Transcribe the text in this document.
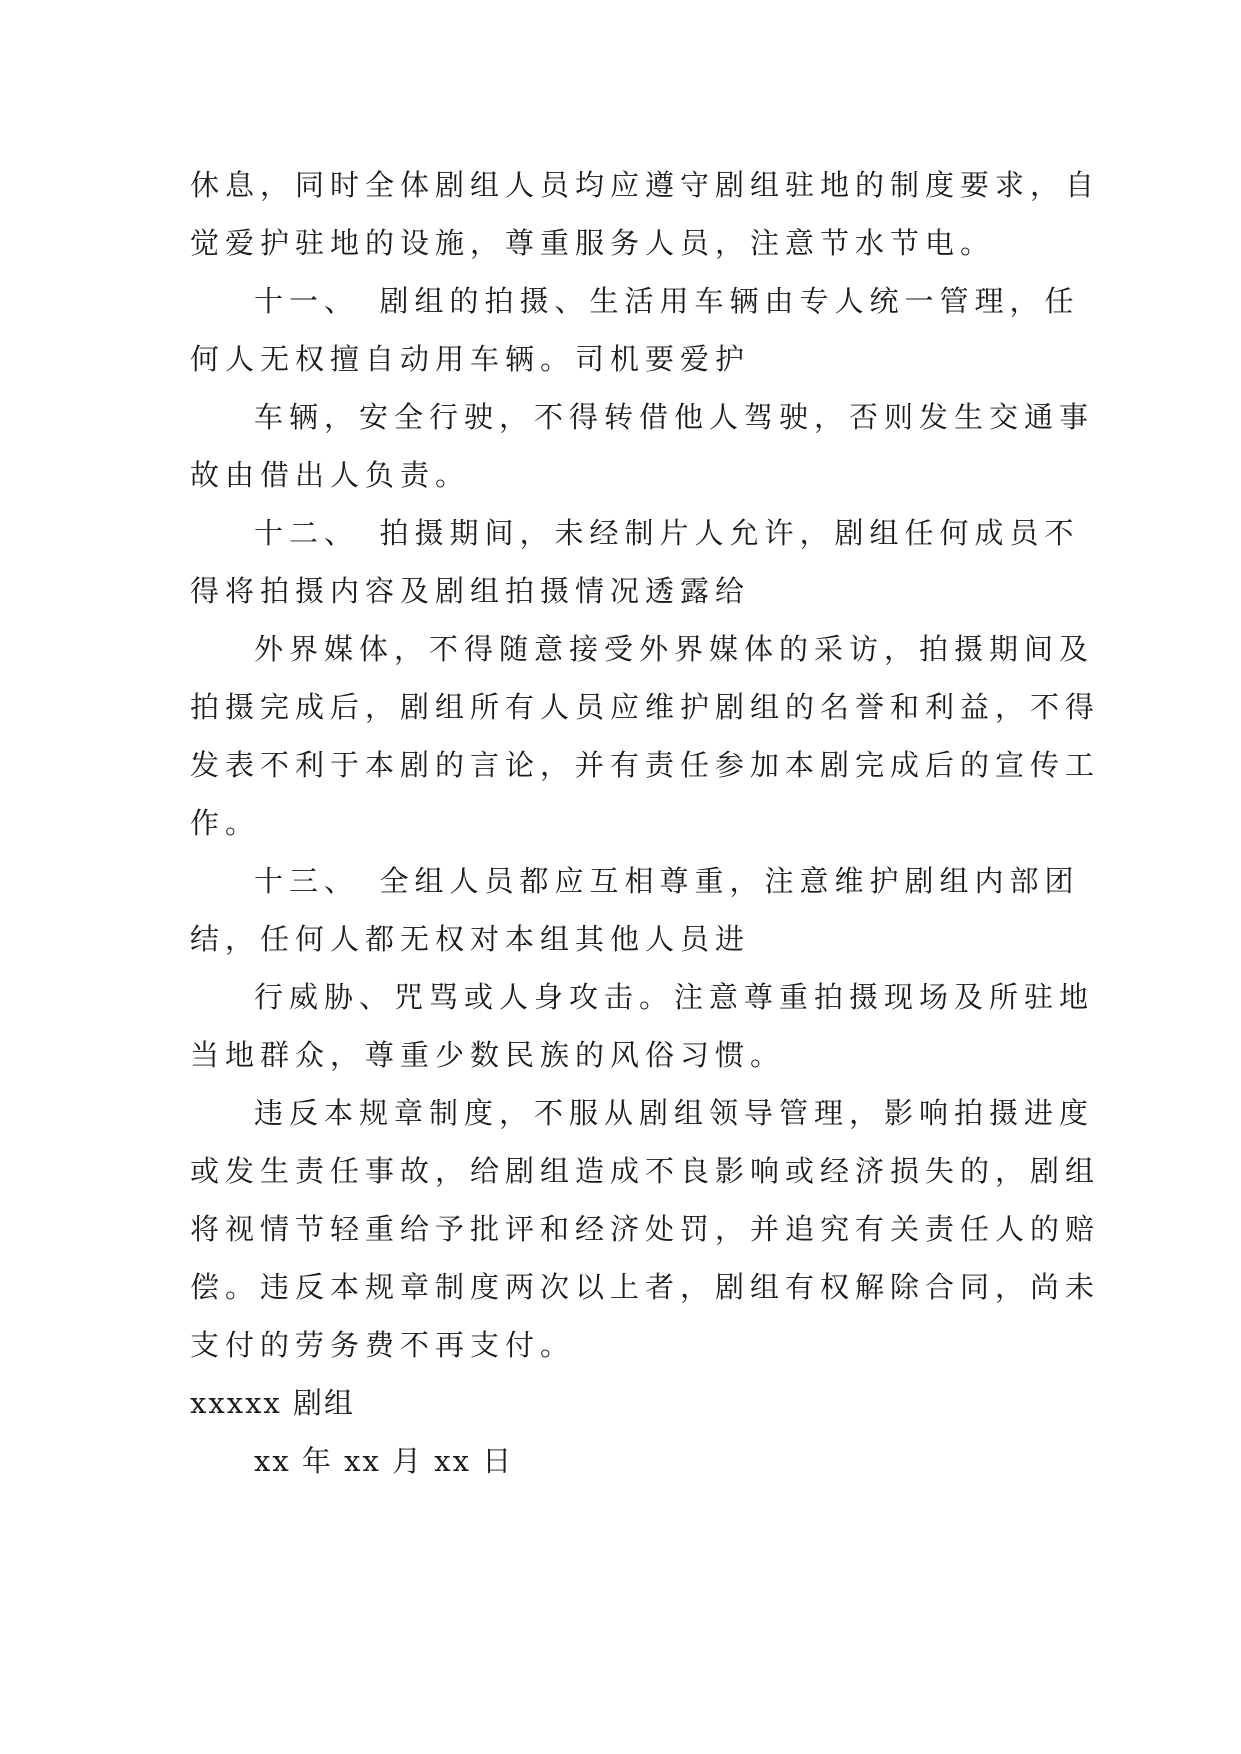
休息，同时全体剧组人员均应遵守剧组驻地的制度要求，自
觉爱护驻地的设施，尊重服务人员，注意节水节电。
十一、　剧组的拍摄、生活用车辆由专人统一管理，任
何人无权擅自动用车辆。司机要爱护
车辆，安全行驶，不得转借他人驾驶，否则发生交通事
故由借出人负责。
十二、　拍摄期间，未经制片人允许，剧组任何成员不
得将拍摄内容及剧组拍摄情况透露给
外界媒体，不得随意接受外界媒体的采访，拍摄期间及
拍摄完成后，剧组所有人员应维护剧组的名誉和利益，不得
发表不利于本剧的言论，并有责任参加本剧完成后的宣传工
作。
十三、　全组人员都应互相尊重，注意维护剧组内部团
结，任何人都无权对本组其他人员进
行威胁、咒骂或人身攻击。注意尊重拍摄现场及所驻地
当地群众，尊重少数民族的风俗习惯。
违反本规章制度，不服从剧组领导管理，影响拍摄进度
或发生责任事故，给剧组造成不良影响或经济损失的，剧组
将视情节轻重给予批评和经济处罚，并追究有关责任人的赔
偿。违反本规章制度两次以上者，剧组有权解除合同，尚未
支付的劳务费不再支付。
xxxxx 剧组
xx 年 xx 月 xx 日
